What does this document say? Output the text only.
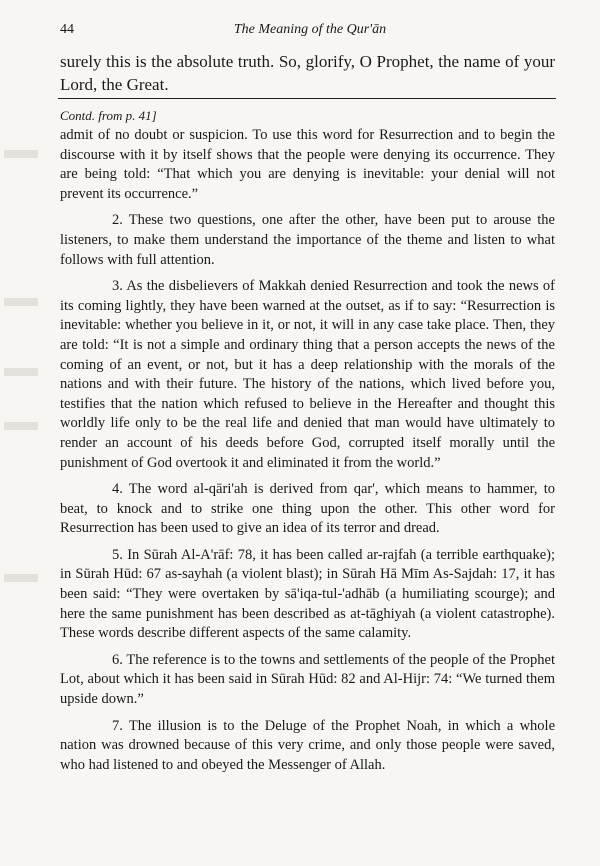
44	The Meaning of the Qur'ān
surely this is the absolute truth. So, glorify, O Prophet, the name of your Lord, the Great.
Contd. from p. 41]

admit of no doubt or suspicion. To use this word for Resurrection and to begin the discourse with it by itself shows that the people were denying its occurrence. They are being told: “That which you are denying is inevitable: your denial will not prevent its occurrence.”

2. These two questions, one after the other, have been put to arouse the listeners, to make them understand the importance of the theme and listen to what follows with full attention.

3. As the disbelievers of Makkah denied Resurrection and took the news of its coming lightly, they have been warned at the outset, as if to say: “Resurrection is inevitable: whether you believe in it, or not, it will in any case take place. Then, they are told: “It is not a simple and ordinary thing that a person accepts the news of the coming of an event, or not, but it has a deep relationship with the morals of the nations and with their future. The history of the nations, which lived before you, testifies that the nation which refused to believe in the Hereafter and thought this worldly life only to be the real life and denied that man would have ultimately to render an account of his deeds before God, corrupted itself morally until the punishment of God overtook it and eliminated it from the world.”

4. The word al-qāri'ah is derived from qar', which means to hammer, to beat, to knock and to strike one thing upon the other. This other word for Resurrection has been used to give an idea of its terror and dread.

5. In Sūrah Al-A'rāf: 78, it has been called ar-rajfah (a terrible earthquake); in Sūrah Hūd: 67 as-sayhah (a violent blast); in Sūrah Hā Mīm As-Sajdah: 17, it has been said: “They were overtaken by sā'iqa-tul-'adhāb (a humiliating scourge); and here the same punishment has been described as at-tāghiyah (a violent catastrophe). These words describe different aspects of the same calamity.

6. The reference is to the towns and settlements of the people of the Prophet Lot, about which it has been said in Sūrah Hūd: 82 and Al-Hijr: 74: “We turned them upside down.”

7. The illusion is to the Deluge of the Prophet Noah, in which a whole nation was drowned because of this very crime, and only those people were saved, who had listened to and obeyed the Messenger of Allah.
